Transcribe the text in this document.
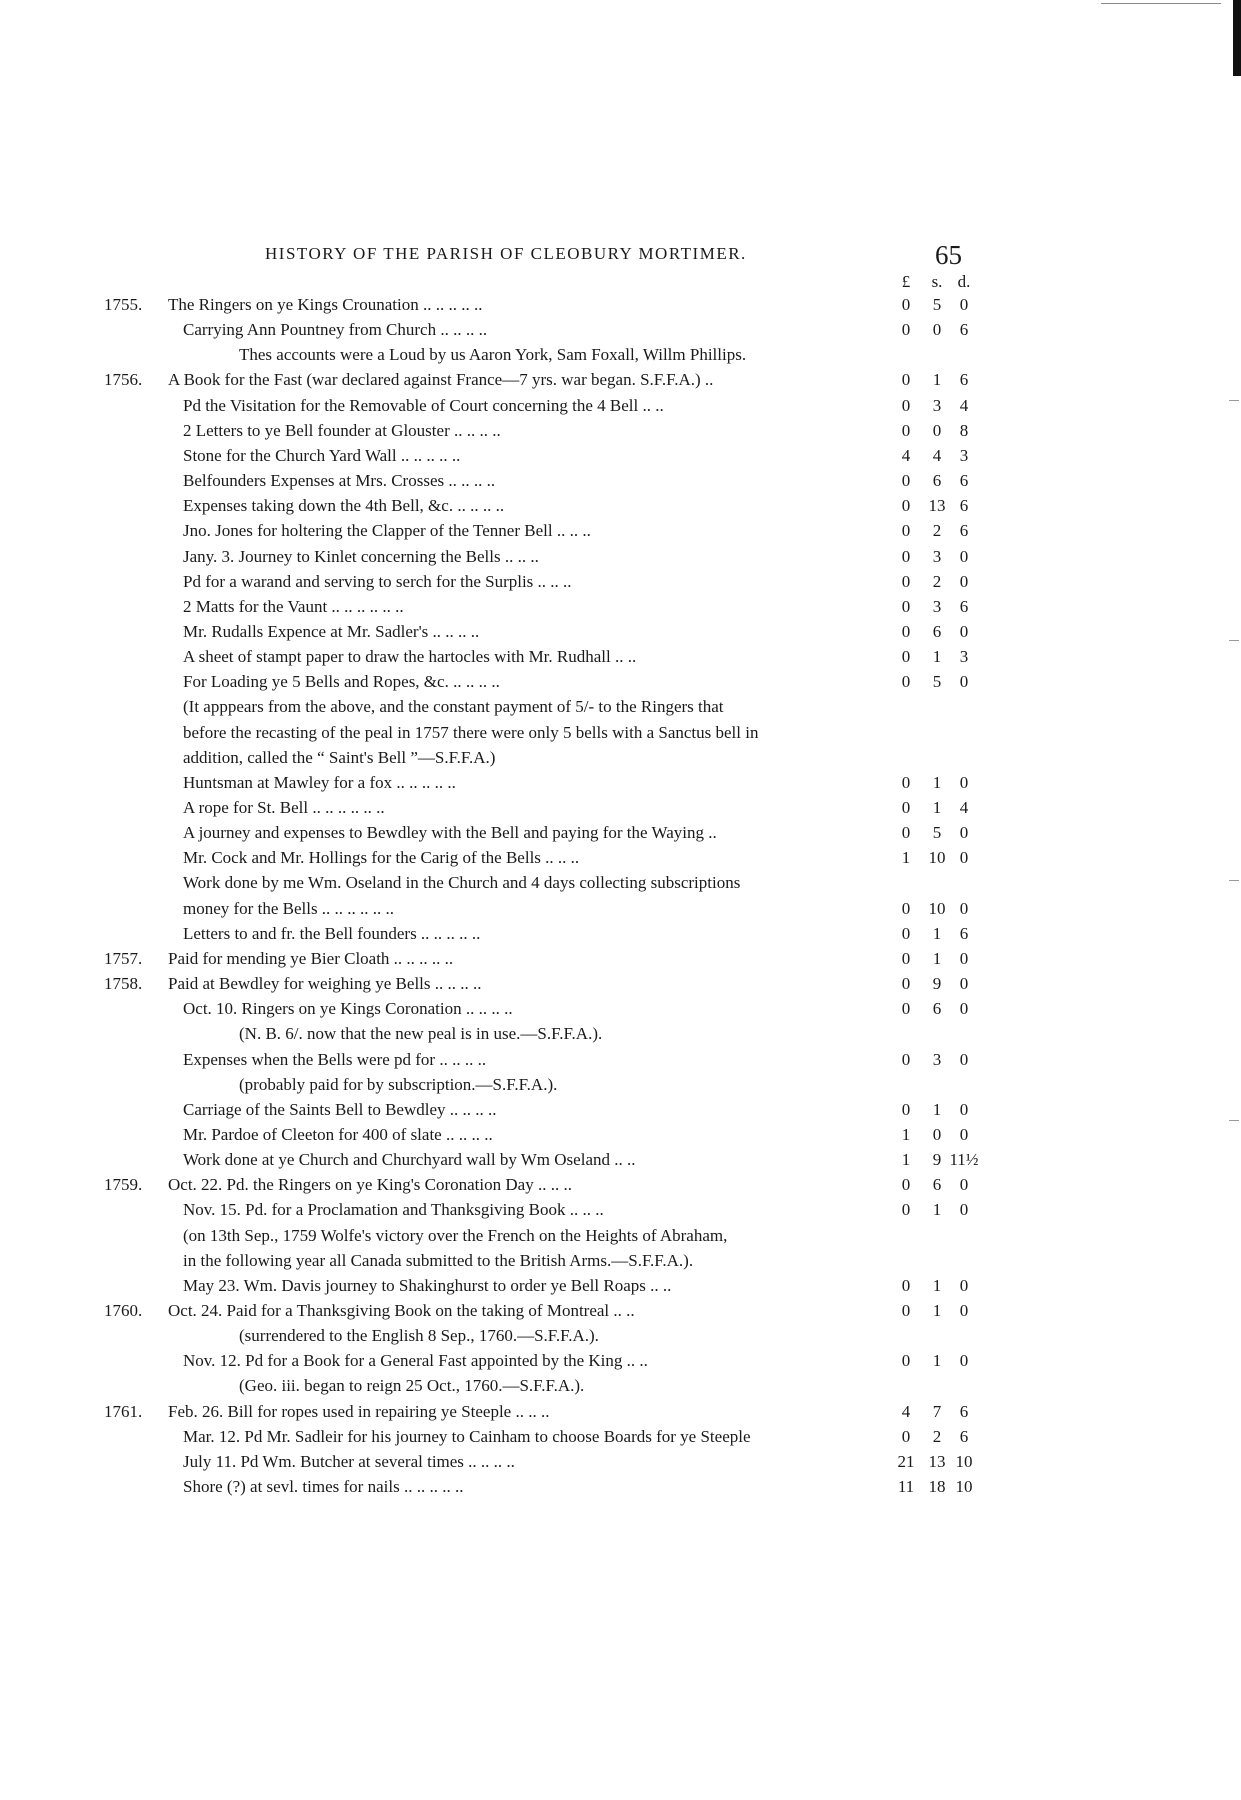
HISTORY OF THE PARISH OF CLEOBURY MORTIMER.	65
£	s. d.
1755.	The Ringers on ye Kings Crounation .. .. .. .. ..	0	5	0
Carrying Ann Pountney from Church .. .. .. ..	0	0	6
Thes accounts were a Loud by us Aaron York, Sam Foxall, Willm Phillips.
1756.	A Book for the Fast (war declared against France—7 yrs. war began. S.F.F.A.) ..	0	1	6
Pd the Visitation for the Removable of Court concerning the 4 Bell .. ..	0	3	4
2 Letters to ye Bell founder at Glouster .. .. .. ..	0	0	8
Stone for the Church Yard Wall .. .. .. .. ..	4	4	3
Belfounders Expenses at Mrs. Crosses .. .. .. ..	0	6	6
Expenses taking down the 4th Bell, &c. .. .. .. ..	0	13 6
Jno. Jones for holtering the Clapper of the Tenner Bell .. .. ..	0	2	6
Jany. 3. Journey to Kinlet concerning the Bells .. .. ..	0	3	0
Pd for a warand and serving to serch for the Surplis .. .. ..	0	2	0
2 Matts for the Vaunt .. .. .. .. .. ..	0	3	6
Mr. Rudalls Expence at Mr. Sadler's .. .. .. ..	0	6	0
A sheet of stampt paper to draw the hartocles with Mr. Rudhall .. ..	0	1	3
For Loading ye 5 Bells and Ropes, &c. .. .. .. ..	0	5	0
(It apppears from the above, and the constant payment of 5/- to the Ringers that
before the recasting of the peal in 1757 there were only 5 bells with a Sanctus bell in
addition, called the “ Saint's Bell ”—S.F.F.A.)
Huntsman at Mawley for a fox .. .. .. .. ..	0	1	0
A rope for St. Bell .. .. .. .. .. ..	0	1	4
A journey and expenses to Bewdley with the Bell and paying for the Waying ..	0	5	0
Mr. Cock and Mr. Hollings for the Carig of the Bells .. .. ..	1	10 0
Work done by me Wm. Oseland in the Church and 4 days collecting subscriptions
money for the Bells .. .. .. .. .. ..	0	10 0
Letters to and fr. the Bell founders .. .. .. .. ..	0	1	6
1757.	Paid for mending ye Bier Cloath .. .. .. .. ..	0	1	0
1758.	Paid at Bewdley for weighing ye Bells .. .. .. ..	0	9	0
Oct. 10. Ringers on ye Kings Coronation .. .. .. ..	0	6	0
(N. B. 6/. now that the new peal is in use.—S.F.F.A.).
Expenses when the Bells were pd for .. .. .. ..	0	3	0
(probably paid for by subscription.—S.F.F.A.).
Carriage of the Saints Bell to Bewdley .. .. .. ..	0	1	0
Mr. Pardoe of Cleeton for 400 of slate .. .. .. ..	1	0	0
Work done at ye Church and Churchyard wall by Wm Oseland .. ..	1	9 11½
1759.	Oct. 22. Pd. the Ringers on ye King's Coronation Day .. .. ..	0	6	0
Nov. 15. Pd. for a Proclamation and Thanksgiving Book .. .. ..	0	1	0
(on 13th Sep., 1759 Wolfe's victory over the French on the Heights of Abraham,
in the following year all Canada submitted to the British Arms.—S.F.F.A.).
May 23. Wm. Davis journey to Shakinghurst to order ye Bell Roaps .. ..	0	1	0
1760.	Oct. 24. Paid for a Thanksgiving Book on the taking of Montreal .. ..	0	1	0
(surrendered to the English 8 Sep., 1760.—S.F.F.A.).
Nov. 12. Pd for a Book for a General Fast appointed by the King .. ..	0	1	0
(Geo. iii. began to reign 25 Oct., 1760.—S.F.F.A.).
1761.	Feb. 26. Bill for ropes used in repairing ye Steeple .. .. ..	4	7	6
Mar. 12. Pd Mr. Sadleir for his journey to Cainham to choose Boards for ye Steeple	0	2	6
July 11. Pd Wm. Butcher at several times .. .. .. ..	21 13 10
Shore (?) at sevl. times for nails .. .. .. .. ..	11 18 10
